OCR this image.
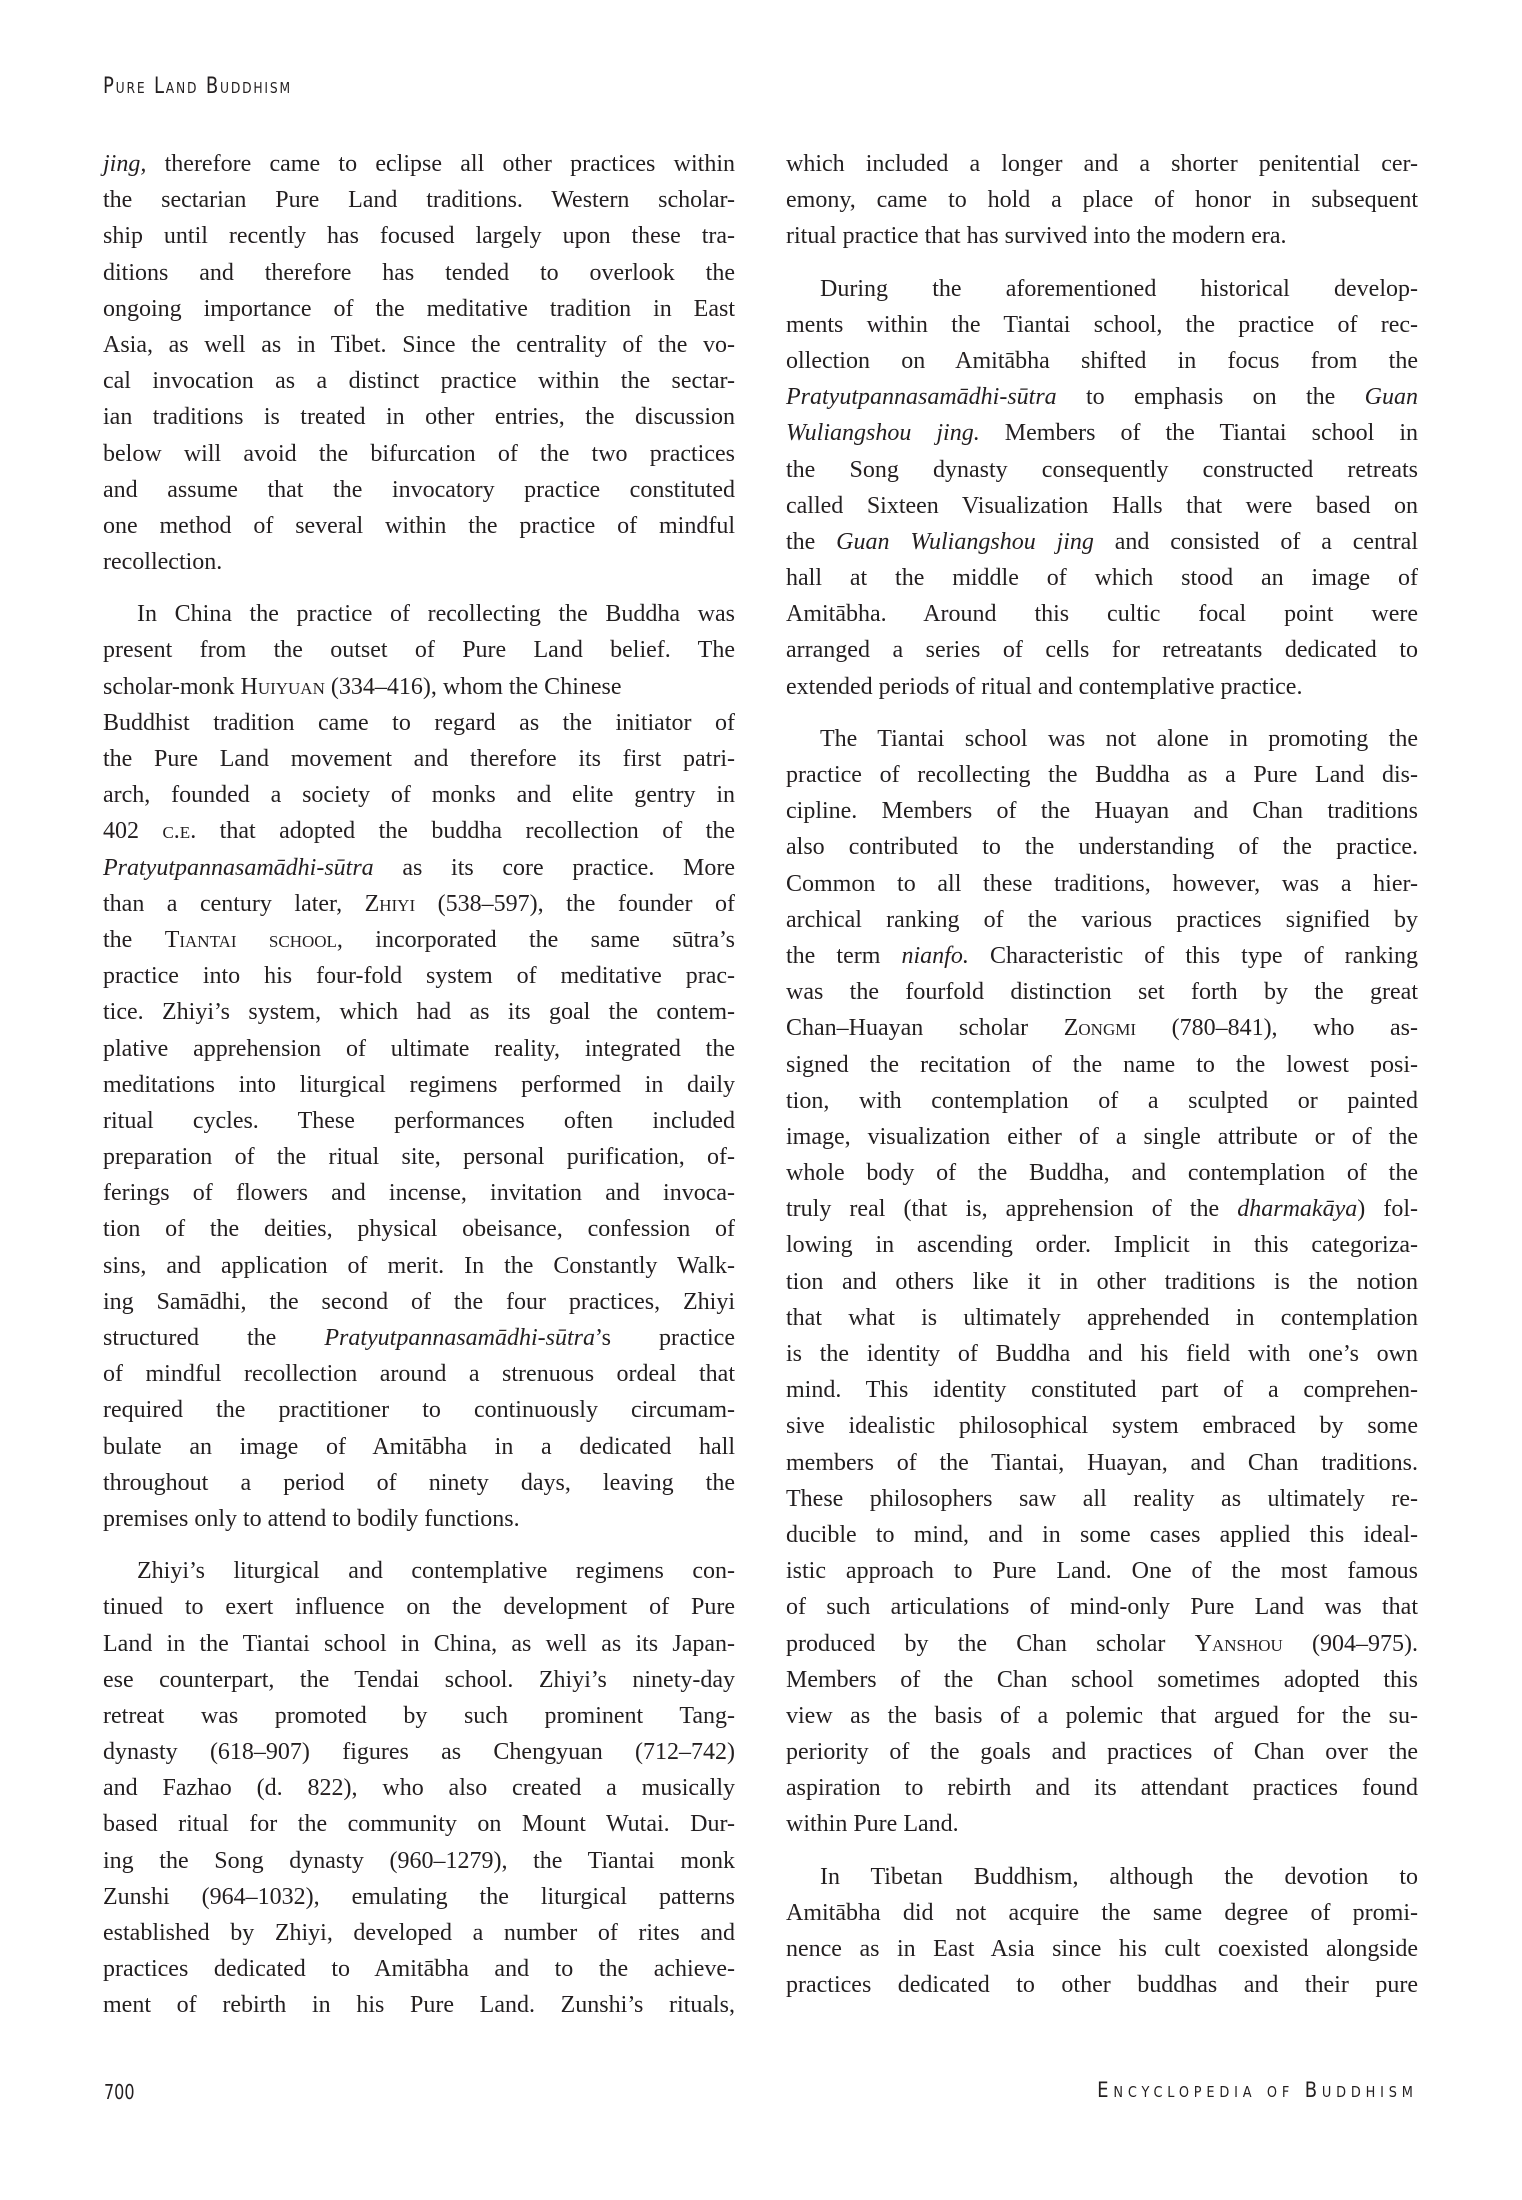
Pure Land Buddhism
jing, therefore came to eclipse all other practices within
the sectarian Pure Land traditions. Western scholar-
ship until recently has focused largely upon these tra-
ditions and therefore has tended to overlook the
ongoing importance of the meditative tradition in East
Asia, as well as in Tibet. Since the centrality of the vo-
cal invocation as a distinct practice within the sectar-
ian traditions is treated in other entries, the discussion
below will avoid the bifurcation of the two practices
and assume that the invocatory practice constituted
one method of several within the practice of mindful
recollection.
In China the practice of recollecting the Buddha was
present from the outset of Pure Land belief. The
scholar-monk Huiyuan (334–416), whom the Chinese
Buddhist tradition came to regard as the initiator of
the Pure Land movement and therefore its first patri-
arch, founded a society of monks and elite gentry in
402 c.e. that adopted the buddha recollection of the
Pratyutpannasamādhi-sūtra as its core practice. More
than a century later, Zhiyi (538–597), the founder of
the Tiantai school, incorporated the same sūtra’s
practice into his four-fold system of meditative prac-
tice. Zhiyi’s system, which had as its goal the contem-
plative apprehension of ultimate reality, integrated the
meditations into liturgical regimens performed in daily
ritual cycles. These performances often included
preparation of the ritual site, personal purification, of-
ferings of flowers and incense, invitation and invoca-
tion of the deities, physical obeisance, confession of
sins, and application of merit. In the Constantly Walk-
ing Samādhi, the second of the four practices, Zhiyi
structured the Pratyutpannasamādhi-sūtra’s practice
of mindful recollection around a strenuous ordeal that
required the practitioner to continuously circumam-
bulate an image of Amitābha in a dedicated hall
throughout a period of ninety days, leaving the
premises only to attend to bodily functions.
Zhiyi’s liturgical and contemplative regimens con-
tinued to exert influence on the development of Pure
Land in the Tiantai school in China, as well as its Japan-
ese counterpart, the Tendai school. Zhiyi’s ninety-day
retreat was promoted by such prominent Tang-
dynasty (618–907) figures as Chengyuan (712–742)
and Fazhao (d. 822), who also created a musically
based ritual for the community on Mount Wutai. Dur-
ing the Song dynasty (960–1279), the Tiantai monk
Zunshi (964–1032), emulating the liturgical patterns
established by Zhiyi, developed a number of rites and
practices dedicated to Amitābha and to the achieve-
ment of rebirth in his Pure Land. Zunshi’s rituals,
which included a longer and a shorter penitential cer-
emony, came to hold a place of honor in subsequent
ritual practice that has survived into the modern era.
During the aforementioned historical develop-
ments within the Tiantai school, the practice of rec-
ollection on Amitābha shifted in focus from the
Pratyutpannasamādhi-sūtra to emphasis on the Guan
Wuliangshou jing. Members of the Tiantai school in
the Song dynasty consequently constructed retreats
called Sixteen Visualization Halls that were based on
the Guan Wuliangshou jing and consisted of a central
hall at the middle of which stood an image of
Amitābha. Around this cultic focal point were
arranged a series of cells for retreatants dedicated to
extended periods of ritual and contemplative practice.
The Tiantai school was not alone in promoting the
practice of recollecting the Buddha as a Pure Land dis-
cipline. Members of the Huayan and Chan traditions
also contributed to the understanding of the practice.
Common to all these traditions, however, was a hier-
archical ranking of the various practices signified by
the term nianfo. Characteristic of this type of ranking
was the fourfold distinction set forth by the great
Chan–Huayan scholar Zongmi (780–841), who as-
signed the recitation of the name to the lowest posi-
tion, with contemplation of a sculpted or painted
image, visualization either of a single attribute or of the
whole body of the Buddha, and contemplation of the
truly real (that is, apprehension of the dharmakāya) fol-
lowing in ascending order. Implicit in this categoriza-
tion and others like it in other traditions is the notion
that what is ultimately apprehended in contemplation
is the identity of Buddha and his field with one’s own
mind. This identity constituted part of a comprehen-
sive idealistic philosophical system embraced by some
members of the Tiantai, Huayan, and Chan traditions.
These philosophers saw all reality as ultimately re-
ducible to mind, and in some cases applied this ideal-
istic approach to Pure Land. One of the most famous
of such articulations of mind-only Pure Land was that
produced by the Chan scholar Yanshou (904–975).
Members of the Chan school sometimes adopted this
view as the basis of a polemic that argued for the su-
periority of the goals and practices of Chan over the
aspiration to rebirth and its attendant practices found
within Pure Land.
In Tibetan Buddhism, although the devotion to
Amitābha did not acquire the same degree of promi-
nence as in East Asia since his cult coexisted alongside
practices dedicated to other buddhas and their pure
700	Encyclopedia of Buddhism
